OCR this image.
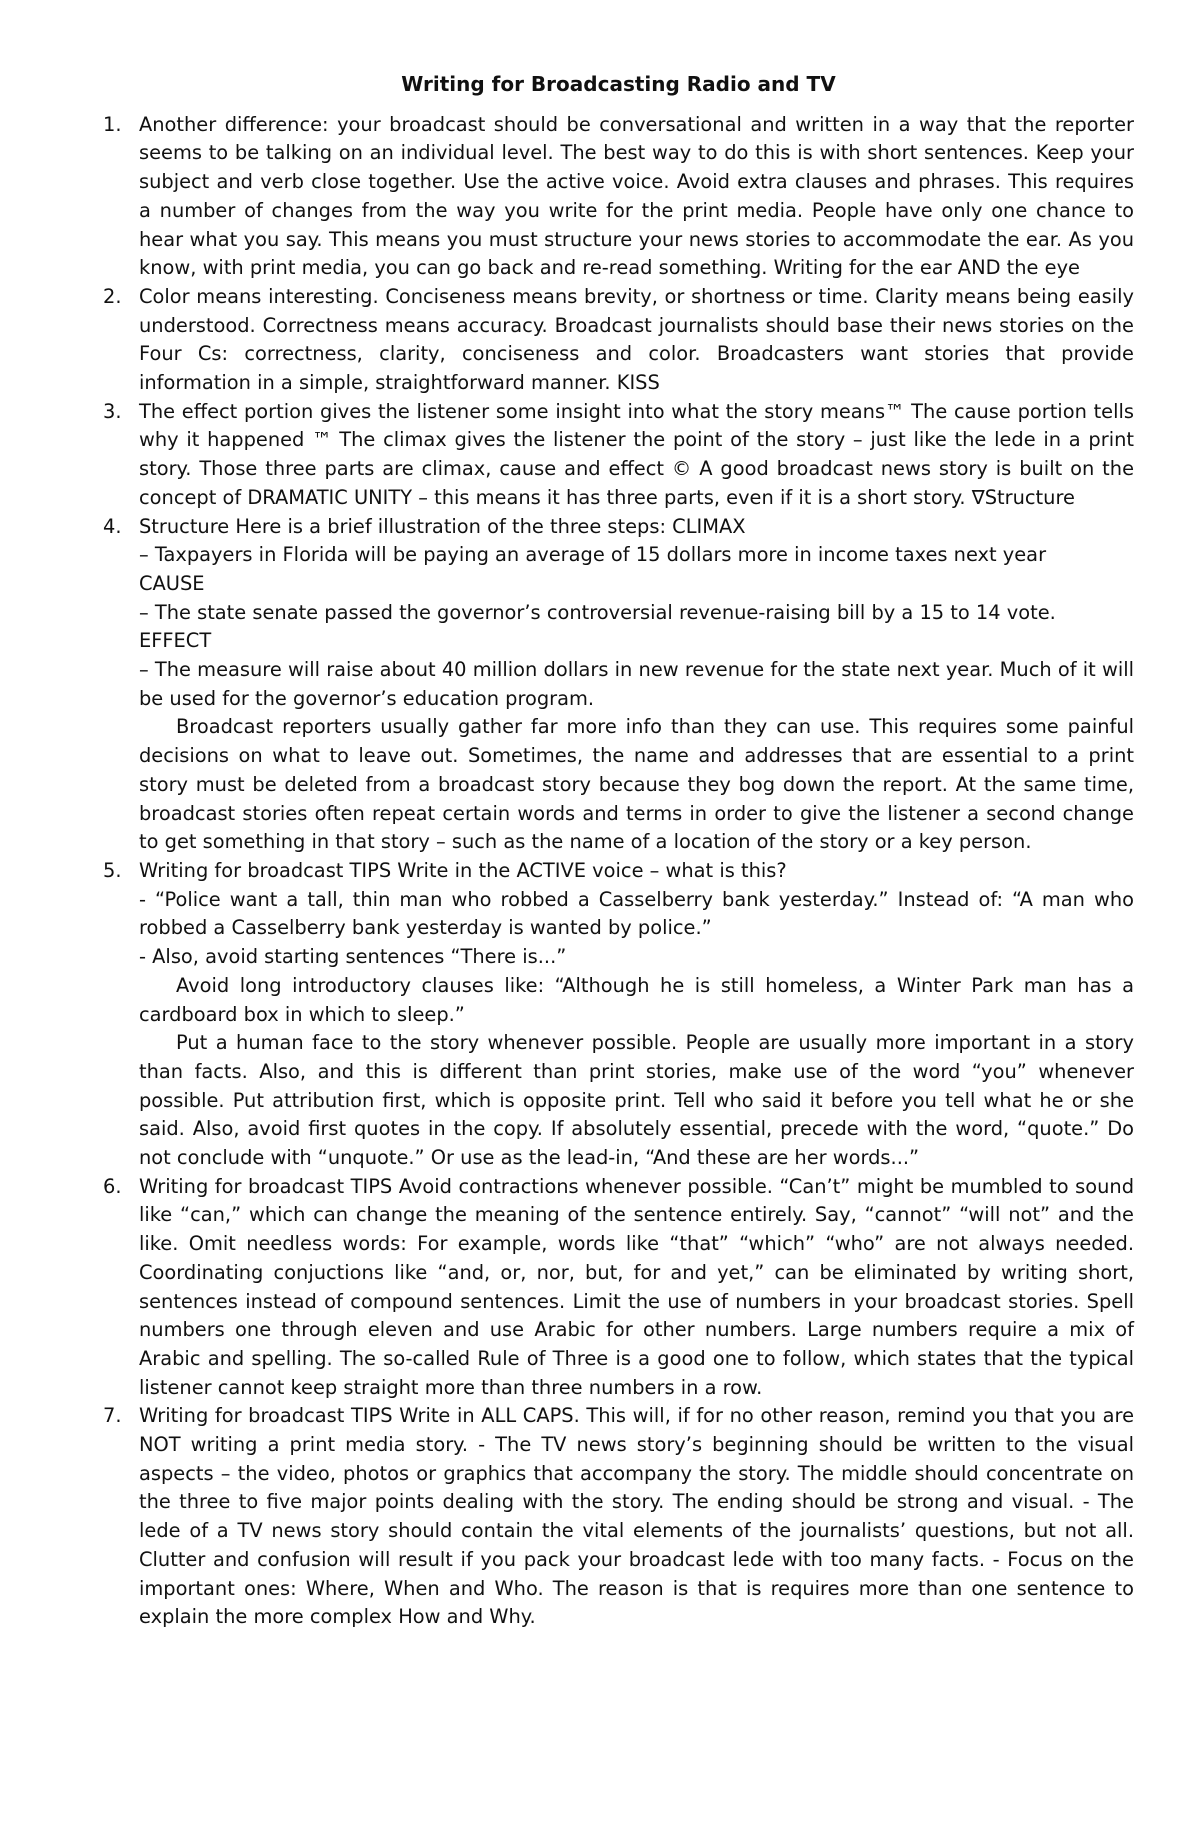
Writing for Broadcasting Radio and TV
1. Another difference: your broadcast should be conversational and written in a way that the reporter seems to be talking on an individual level. The best way to do this is with short sentences. Keep your subject and verb close together. Use the active voice. Avoid extra clauses and phrases. This requires a number of changes from the way you write for the print media. People have only one chance to hear what you say. This means you must structure your news stories to accommodate the ear. As you know, with print media, you can go back and re-read something. Writing for the ear AND the eye

2. Color means interesting. Conciseness means brevity, or shortness or time. Clarity means being easily understood. Correctness means accuracy. Broadcast journalists should base their news stories on the Four Cs: correctness, clarity, conciseness and color. Broadcasters want stories that provide information in a simple, straightforward manner. KISS

3. The effect portion gives the listener some insight into what the story means™ The cause portion tells why it happened ™ The climax gives the listener the point of the story – just like the lede in a print story. Those three parts are climax, cause and effect © A good broadcast news story is built on the concept of DRAMATIC UNITY – this means it has three parts, even if it is a short story. ∇Structure

4. Structure Here is a brief illustration of the three steps: CLIMAX

– Taxpayers in Florida will be paying an average of 15 dollars more in income taxes next year

CAUSE

– The state senate passed the governor’s controversial revenue-raising bill by a 15 to 14 vote.

EFFECT

– The measure will raise about 40 million dollars in new revenue for the state next year. Much of it will be used for the governor’s education program.

Broadcast reporters usually gather far more info than they can use. This requires some painful decisions on what to leave out. Sometimes, the name and addresses that are essential to a print story must be deleted from a broadcast story because they bog down the report. At the same time, broadcast stories often repeat certain words and terms in order to give the listener a second change to get something in that story – such as the name of a location of the story or a key person.

5. Writing for broadcast TIPS Write in the ACTIVE voice – what is this?

- “Police want a tall, thin man who robbed a Casselberry bank yesterday.” Instead of: “A man who robbed a Casselberry bank yesterday is wanted by police.”

- Also, avoid starting sentences “There is...”

Avoid long introductory clauses like: “Although he is still homeless, a Winter Park man has a cardboard box in which to sleep.”

Put a human face to the story whenever possible. People are usually more important in a story than facts. Also, and this is different than print stories, make use of the word “you” whenever possible. Put attribution first, which is opposite print. Tell who said it before you tell what he or she said. Also, avoid first quotes in the copy. If absolutely essential, precede with the word, “quote.” Do not conclude with “unquote.” Or use as the lead-in, “And these are her words...”

6. Writing for broadcast TIPS Avoid contractions whenever possible. “Can’t” might be mumbled to sound like “can,” which can change the meaning of the sentence entirely. Say, “cannot” “will not” and the like. Omit needless words: For example, words like “that” “which” “who” are not always needed. Coordinating conjuctions like “and, or, nor, but, for and yet,” can be eliminated by writing short, sentences instead of compound sentences. Limit the use of numbers in your broadcast stories. Spell numbers one through eleven and use Arabic for other numbers. Large numbers require a mix of Arabic and spelling. The so-called Rule of Three is a good one to follow, which states that the typical listener cannot keep straight more than three numbers in a row.

7. Writing for broadcast TIPS Write in ALL CAPS. This will, if for no other reason, remind you that you are NOT writing a print media story. - The TV news story’s beginning should be written to the visual aspects – the video, photos or graphics that accompany the story. The middle should concentrate on the three to five major points dealing with the story. The ending should be strong and visual. - The lede of a TV news story should contain the vital elements of the journalists’ questions, but not all. Clutter and confusion will result if you pack your broadcast lede with too many facts. - Focus on the important ones: Where, When and Who. The reason is that is requires more than one sentence to explain the more complex How and Why.
